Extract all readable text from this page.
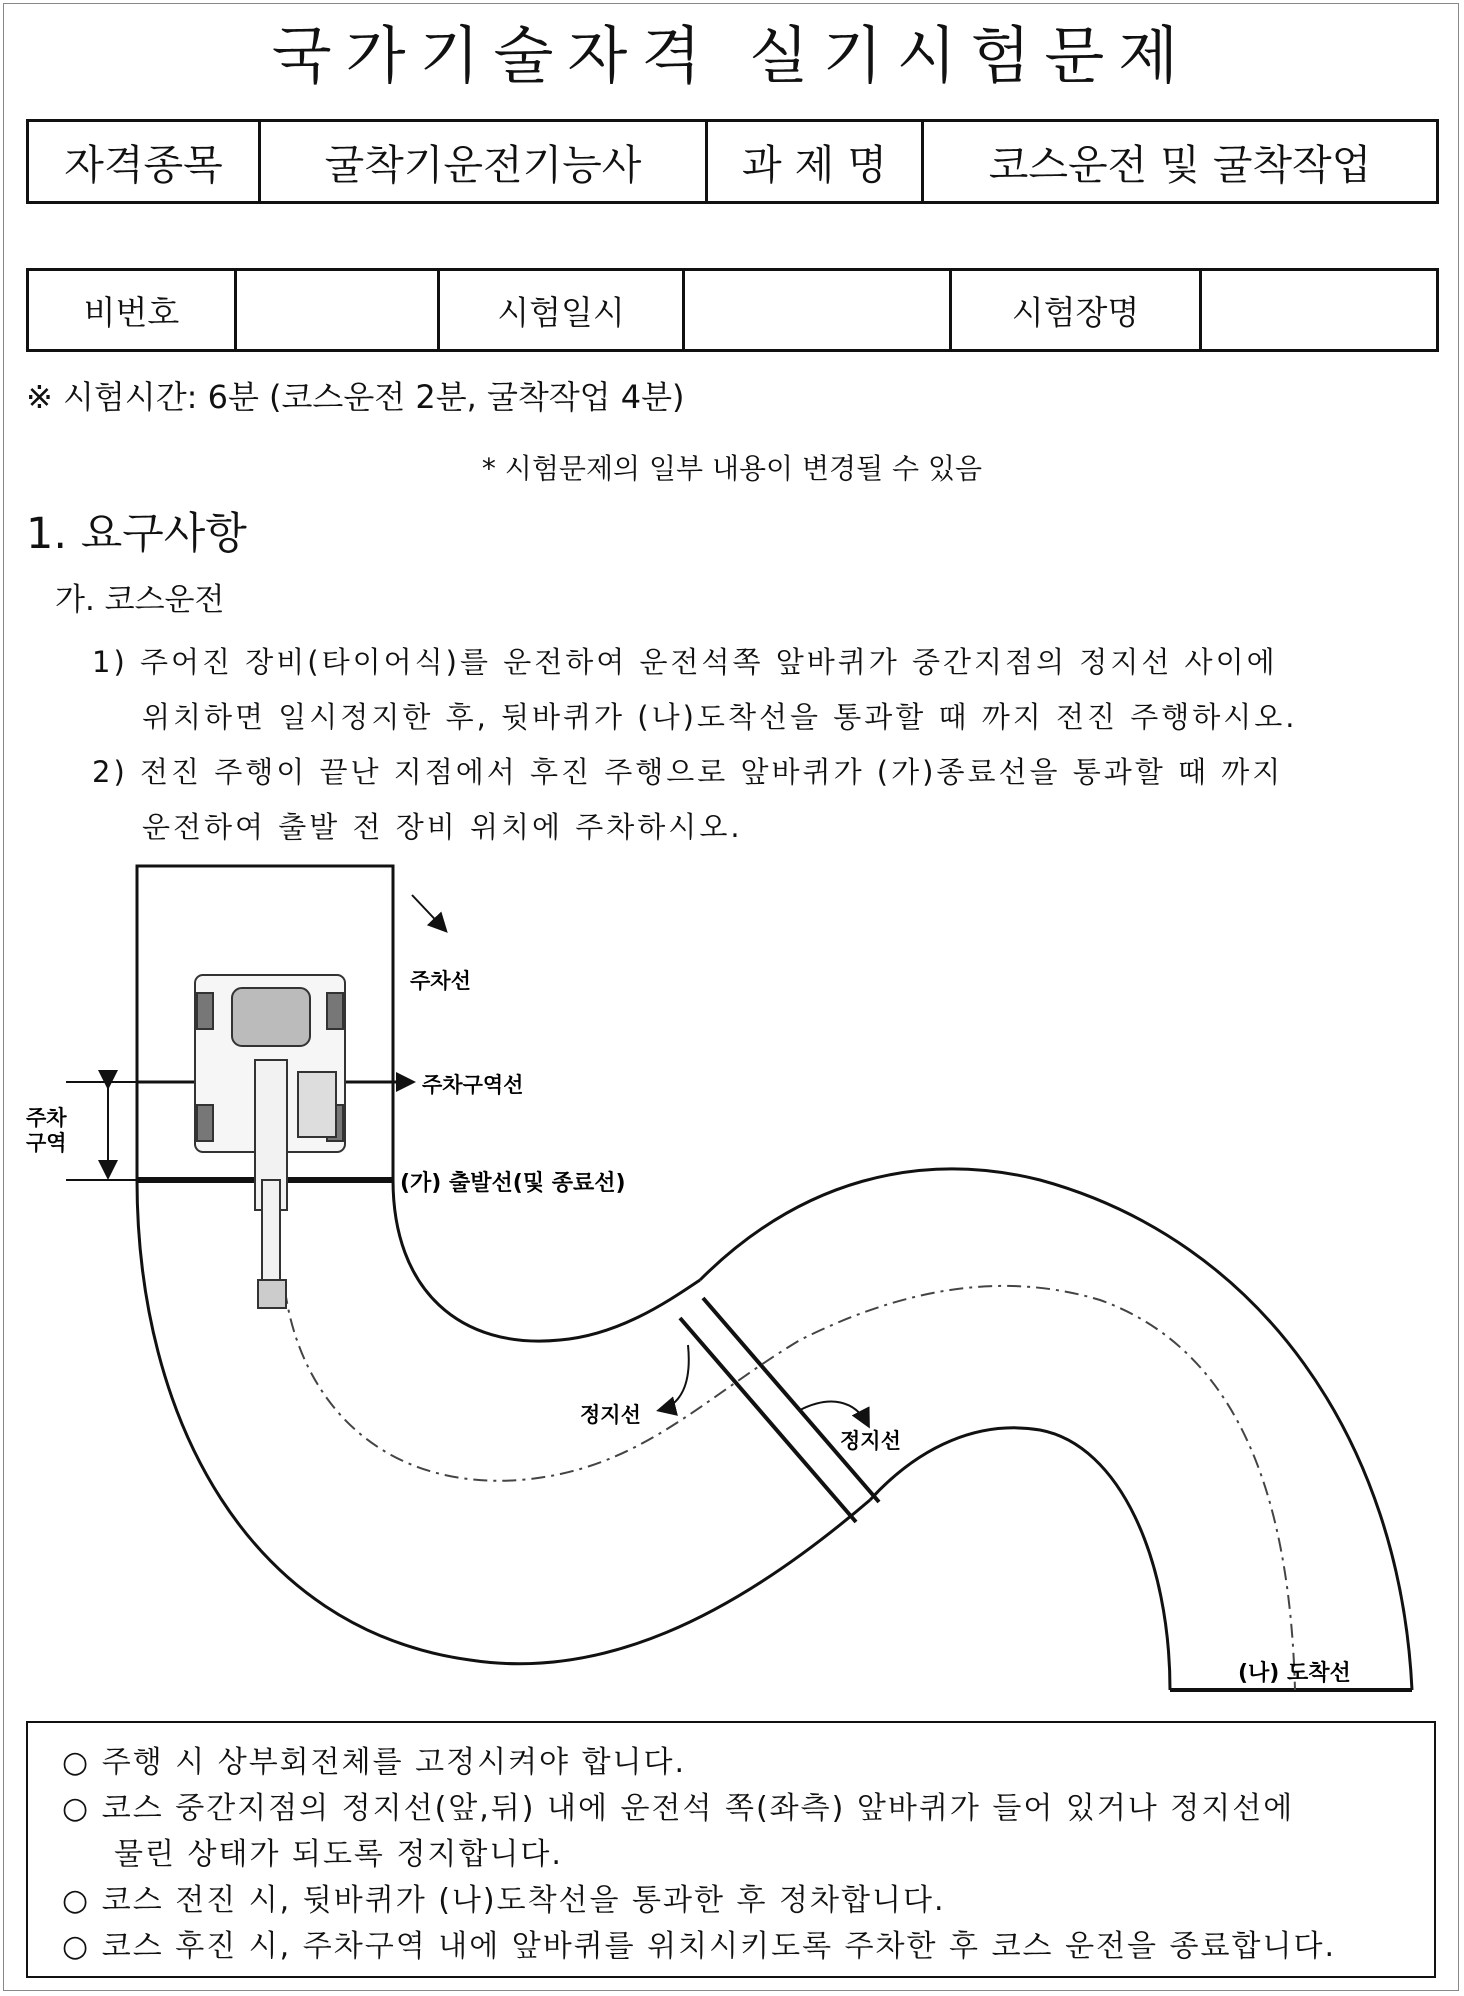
국가기술자격 실기시험문제
자격종목	굴착기운전기능사	과 제 명	코스운전 및 굴착작업
비번호		시험일시		시험장명	
※ 시험시간: 6분 (코스운전 2분, 굴착작업 4분)
* 시험문제의 일부 내용이 변경될 수 있음
1. 요구사항
가. 코스운전
1) 주어진 장비(타이어식)를 운전하여 운전석쪽 앞바퀴가 중간지점의 정지선 사이에
위치하면 일시정지한 후, 뒷바퀴가 (나)도착선을 통과할 때 까지 전진 주행하시오.
2) 전진 주행이 끝난 지점에서 후진 주행으로 앞바퀴가 (가)종료선을 통과할 때 까지
운전하여 출발 전 장비 위치에 주차하시오.
주차선
주차구역선
주차
구역
(가) 출발선(및 종료선)
정지선
정지선
(나) 도착선
○ 주행 시 상부회전체를 고정시켜야 합니다.
○ 코스 중간지점의 정지선(앞,뒤) 내에 운전석 쪽(좌측) 앞바퀴가 들어 있거나 정지선에
물린 상태가 되도록 정지합니다.
○ 코스 전진 시, 뒷바퀴가 (나)도착선을 통과한 후 정차합니다.
○ 코스 후진 시, 주차구역 내에 앞바퀴를 위치시키도록 주차한 후 코스 운전을 종료합니다.
